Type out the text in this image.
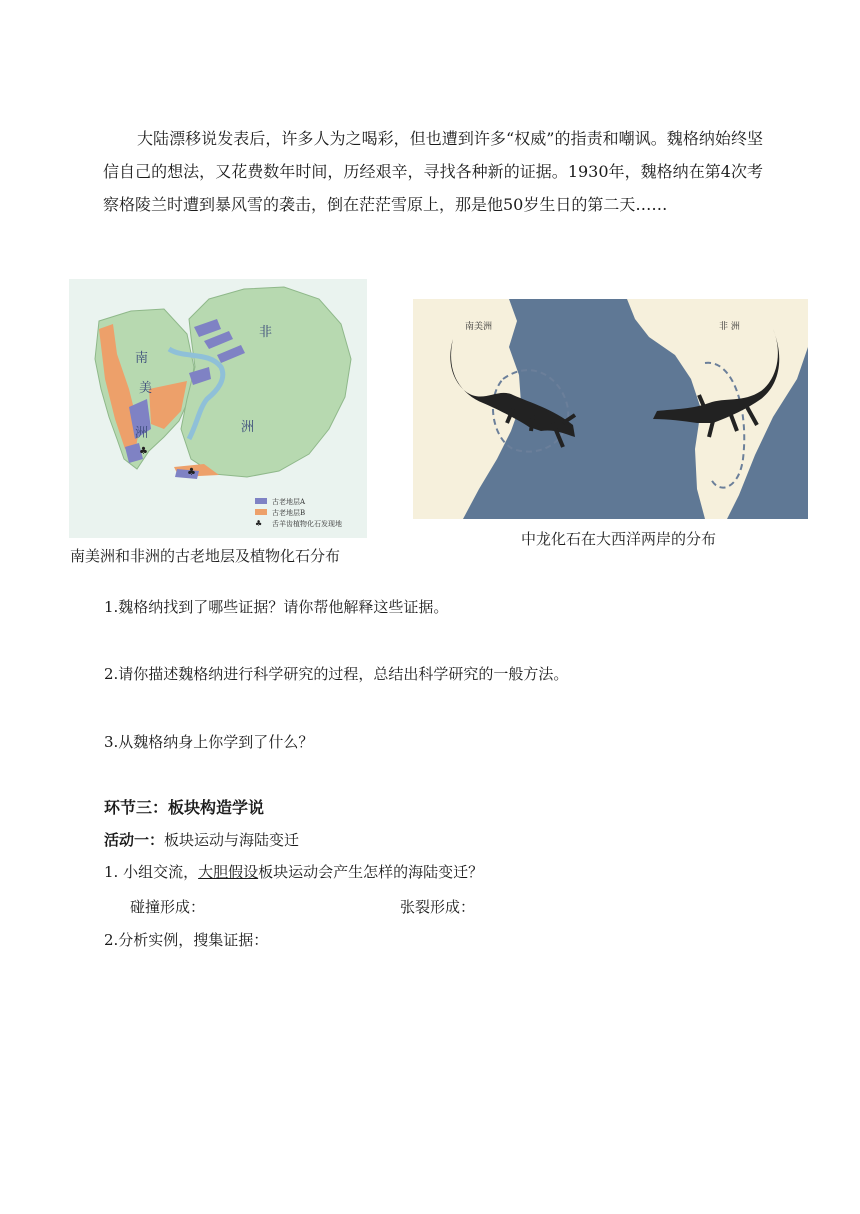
大陆漂移说发表后，许多人为之喝彩，但也遭到许多“权威”的指责和嘲讽。魏格纳始终坚信自己的想法，又花费数年时间，历经艰辛，寻找各种新的证据。1930年，魏格纳在第4次考察格陵兰时遭到暴风雪的袭击，倒在茫茫雪原上，那是他50岁生日的第二天……

♣
♣
南
美
洲
非
洲
古老地层A
古老地层B
♣ 舌羊齿植物化石发现地
南美洲	非 洲
南美洲和非洲的古老地层及植物化石分布
中龙化石在大西洋两岸的分布
1.魏格纳找到了哪些证据？请你帮他解释这些证据。
2.请你描述魏格纳进行科学研究的过程，总结出科学研究的一般方法。
3.从魏格纳身上你学到了什么？
环节三：板块构造学说
活动一：板块运动与海陆变迁
1. 小组交流，大胆假设板块运动会产生怎样的海陆变迁？
碰撞形成：	张裂形成：
2.分析实例，搜集证据：
